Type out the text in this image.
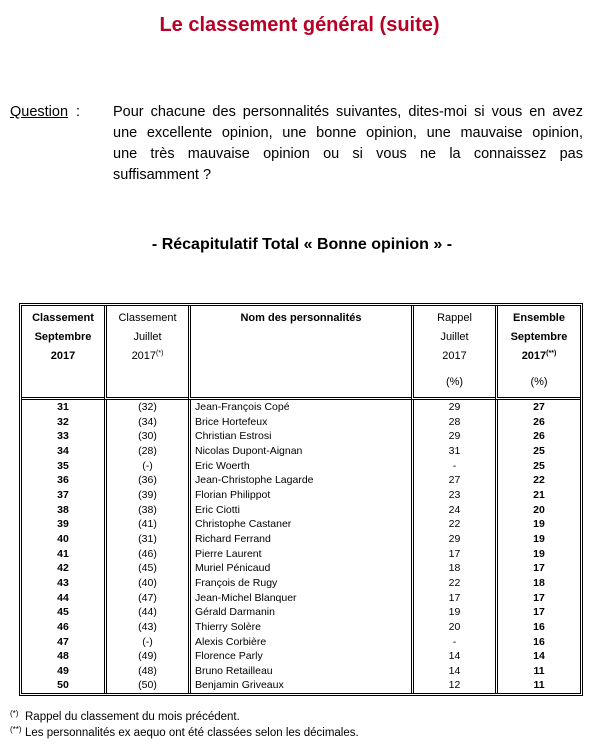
Le classement général (suite)
Question : Pour chacune des personnalités suivantes, dites-moi si vous en avez
une excellente opinion, une bonne opinion, une mauvaise opinion,
une très mauvaise opinion ou si vous ne la connaissez pas
suffisamment ?
- Récapitulatif Total « Bonne opinion » -
Classement
Septembre
2017	Classement
Juillet
2017(*)	Nom des personnalités	Rappel
Juillet
2017
(%)	Ensemble
Septembre
2017(**)
(%)

31	(32)	Jean-François Copé	29	27
32	(34)	Brice Hortefeux	28	26
33	(30)	Christian Estrosi	29	26
34	(28)	Nicolas Dupont-Aignan	31	25
35	(-)	Eric Woerth	-	25
36	(36)	Jean-Christophe Lagarde	27	22
37	(39)	Florian Philippot	23	21
38	(38)	Eric Ciotti	24	20
39	(41)	Christophe Castaner	22	19
40	(31)	Richard Ferrand	29	19
41	(46)	Pierre Laurent	17	19
42	(45)	Muriel Pénicaud	18	17
43	(40)	François de Rugy	22	18
44	(47)	Jean-Michel Blanquer	17	17
45	(44)	Gérald Darmanin	19	17
46	(43)	Thierry Solère	20	16
47	(-)	Alexis Corbière	-	16
48	(49)	Florence Parly	14	14
49	(48)	Bruno Retailleau	14	11
50	(50)	Benjamin Griveaux	12	11
(*) Rappel du classement du mois précédent.
(**) Les personnalités ex aequo ont été classées selon les décimales.
